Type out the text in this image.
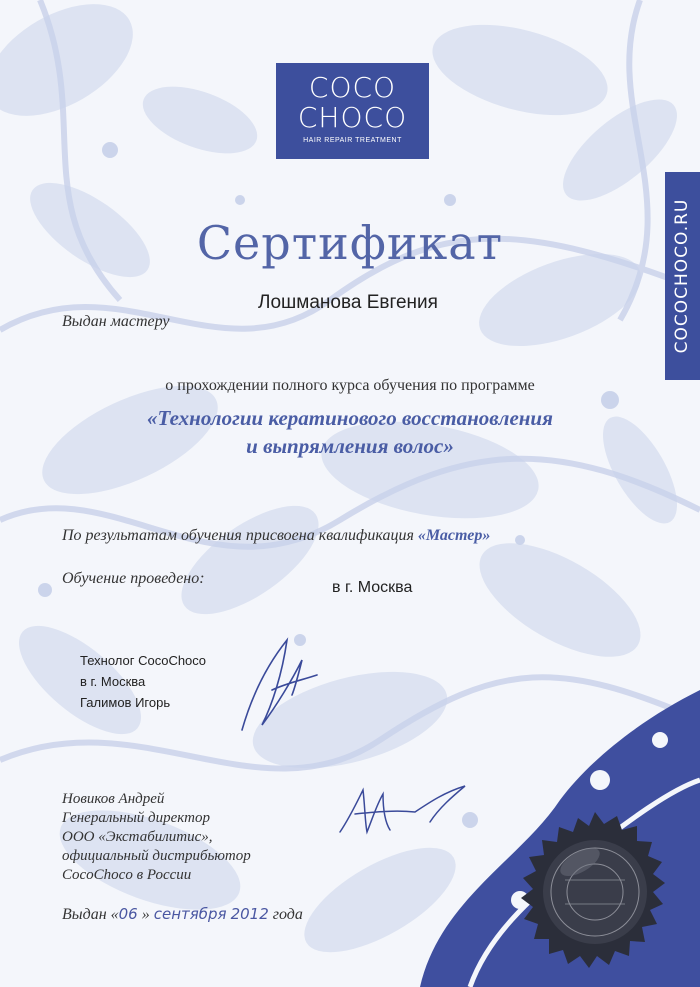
COCO
CHOCO
HAIR REPAIR TREATMENT
COCOCHOCO.RU
Сертификат
Лошманова Евгения
Выдан мастеру
о прохождении полного курса обучения по программе
«Технологии кератинового восстановления
и выпрямления волос»
По результатам обучения присвоена квалификация «Мастер»
Обучение проведено:
в г. Москва
Технолог CocoChoco
в г. Москва
Галимов Игорь
Новиков Андрей
Генеральный директор
ООО «Экстабилитис»,
официальный дистрибьютор
CocoChoco в России
Выдан «06 » сентября 2012 года
